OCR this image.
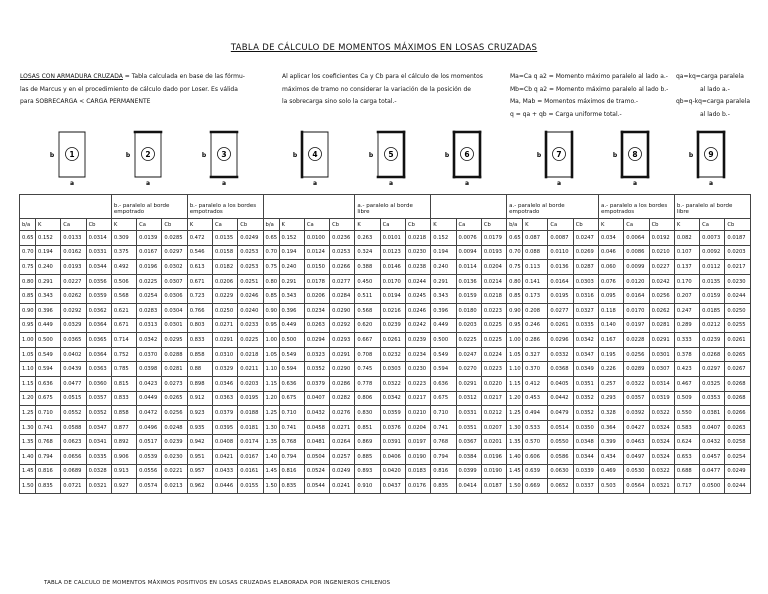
TABLA DE CÁLCULO DE MOMENTOS MÁXIMOS EN LOSAS CRUZADAS
LOSAS CON ARMADURA CRUZADA = Tabla calculada en base de las fórmu-
las de Marcus y en el procedimiento de cálculo dado por Loser. Es válida
para SOBRECARGA < CARGA PERMANENTE
Al aplicar los coeficientes Ca y Cb para el cálculo de los momentos
máximos de tramo no considerar la variación de la posición de
la sobrecarga sino solo la carga total.-
Ma=Ca q a2 = Momento máximo paralelo al lado a.-
Mb=Cb q a2 = Momento máximo paralelo al lado b.-
Ma, Mab = Momentos máximos de tramo.-
q = qa + qb = Carga uniforme total.-
qa=kq=carga paralela
al lado a.-
qb=q-kq=carga paralela
al lado b.-
1
b
a
2
b
a
3
b
a
4
b
a
5
b
a
6
b
a
7
b
a
8
b
a
9
b
a
				b.- paralelo al borde			b.- paralelo a los bordes							a.- paralelo al borde						a.- paralelo al borde				a.- paralelo a los bordes			b.- paralelo al borde		
				empotrado			empotrados							libre						empotrado				empotrados			libre		
b/a	K	Ca	Cb	K	Ca	Cb	K	Ca	Cb	b/a	K	Ca	Cb	K	Ca	Cb	K	Ca	Cb	b/a	K	Ca	Cb	K	Ca	Cb	K	Ca	Cb
0.65	0.152	0.0133	0.0314	0.309	0.0139	0.0285	0.472	0.0135	0.0249	0.65	0.152	0.0100	0.0236	0.263	0.0101	0.0218	0.152	0.0076	0.0179	0.65	0.087	0.0087	0.0247	0.034	0.0064	0.0192	0.082	0.0073	0.0187
0.70	0.194	0.0162	0.0331	0.375	0.0167	0.0297	0.546	0.0158	0.0253	0.70	0.194	0.0124	0.0253	0.324	0.0123	0.0230	0.194	0.0094	0.0193	0.70	0.088	0.0110	0.0269	0.046	0.0086	0.0210	0.107	0.0092	0.0203
0.75	0.240	0.0193	0.0344	0.492	0.0196	0.0302	0.613	0.0182	0.0253	0.75	0.240	0.0150	0.0266	0.388	0.0146	0.0238	0.240	0.0114	0.0204	0.75	0.113	0.0136	0.0287	0.060	0.0099	0.0227	0.137	0.0112	0.0217
0.80	0.291	0.0227	0.0356	0.506	0.0225	0.0307	0.671	0.0206	0.0251	0.80	0.291	0.0178	0.0277	0.450	0.0170	0.0244	0.291	0.0136	0.0214	0.80	0.141	0.0164	0.0303	0.076	0.0120	0.0242	0.170	0.0135	0.0230
0.85	0.343	0.0262	0.0359	0.568	0.0254	0.0306	0.723	0.0229	0.0246	0.85	0.343	0.0206	0.0284	0.511	0.0194	0.0245	0.343	0.0159	0.0218	0.85	0.173	0.0195	0.0316	0.095	0.0164	0.0256	0.207	0.0159	0.0244
0.90	0.396	0.0292	0.0362	0.621	0.0283	0.0304	0.766	0.0250	0.0240	0.90	0.396	0.0234	0.0290	0.568	0.0216	0.0246	0.396	0.0180	0.0223	0.90	0.208	0.0277	0.0327	0.118	0.0170	0.0262	0.247	0.0185	0.0250
0.95	0.449	0.0329	0.0364	0.671	0.0313	0.0301	0.803	0.0271	0.0233	0.95	0.449	0.0263	0.0292	0.620	0.0239	0.0242	0.449	0.0203	0.0225	0.95	0.246	0.0261	0.0335	0.140	0.0197	0.0281	0.289	0.0212	0.0255
1.00	0.500	0.0365	0.0365	0.714	0.0342	0.0295	0.833	0.0291	0.0225	1.00	0.500	0.0294	0.0293	0.667	0.0261	0.0239	0.500	0.0225	0.0225	1.00	0.286	0.0296	0.0342	0.167	0.0228	0.0291	0.333	0.0239	0.0261
1.05	0.549	0.0402	0.0364	0.752	0.0370	0.0288	0.858	0.0310	0.0218	1.05	0.549	0.0323	0.0291	0.708	0.0232	0.0234	0.549	0.0247	0.0224	1.05	0.327	0.0332	0.0347	0.195	0.0256	0.0301	0.378	0.0268	0.0265
1.10	0.594	0.0439	0.0363	0.785	0.0398	0.0281	0.88	0.0329	0.0211	1.10	0.594	0.0352	0.0290	0.745	0.0303	0.0230	0.594	0.0270	0.0223	1.10	0.370	0.0368	0.0349	0.226	0.0289	0.0307	0.423	0.0297	0.0267
1.15	0.636	0.0477	0.0360	0.815	0.0423	0.0273	0.898	0.0346	0.0203	1.15	0.636	0.0379	0.0286	0.778	0.0322	0.0223	0.636	0.0291	0.0220	1.15	0.412	0.0405	0.0351	0.257	0.0322	0.0314	0.467	0.0325	0.0268
1.20	0.675	0.0515	0.0357	0.833	0.0449	0.0265	0.912	0.0363	0.0195	1.20	0.675	0.0407	0.0282	0.806	0.0342	0.0217	0.675	0.0312	0.0217	1.20	0.453	0.0442	0.0352	0.293	0.0357	0.0319	0.509	0.0353	0.0268
1.25	0.710	0.0552	0.0352	0.858	0.0472	0.0256	0.923	0.0379	0.0188	1.25	0.710	0.0432	0.0276	0.830	0.0359	0.0210	0.710	0.0331	0.0212	1.25	0.494	0.0479	0.0352	0.328	0.0392	0.0322	0.550	0.0381	0.0266
1.30	0.741	0.0588	0.0347	0.877	0.0496	0.0248	0.935	0.0395	0.0181	1.30	0.741	0.0458	0.0271	0.851	0.0376	0.0204	0.741	0.0351	0.0207	1.30	0.533	0.0514	0.0350	0.364	0.0427	0.0324	0.583	0.0407	0.0263
1.35	0.768	0.0623	0.0341	0.892	0.0517	0.0239	0.942	0.0408	0.0174	1.35	0.768	0.0481	0.0264	0.869	0.0391	0.0197	0.768	0.0367	0.0201	1.35	0.570	0.0550	0.0348	0.399	0.0463	0.0324	0.624	0.0432	0.0258
1.40	0.794	0.0656	0.0335	0.906	0.0539	0.0230	0.951	0.0421	0.0167	1.40	0.794	0.0504	0.0257	0.885	0.0406	0.0190	0.794	0.0384	0.0196	1.40	0.606	0.0586	0.0344	0.434	0.0497	0.0324	0.653	0.0457	0.0254
1.45	0.816	0.0689	0.0328	0.913	0.0556	0.0221	0.957	0.0433	0.0161	1.45	0.816	0.0524	0.0249	0.893	0.0420	0.0183	0.816	0.0399	0.0190	1.45	0.639	0.0630	0.0339	0.469	0.0530	0.0322	0.688	0.0477	0.0249
1.50	0.835	0.0721	0.0321	0.927	0.0574	0.0213	0.962	0.0446	0.0155	1.50	0.835	0.0544	0.0241	0.910	0.0437	0.0176	0.835	0.0414	0.0187	1.50	0.669	0.0652	0.0337	0.503	0.0564	0.0321	0.717	0.0500	0.0244
TABLA DE CALCULO DE MOMENTOS MÁXIMOS POSITIVOS EN LOSAS CRUZADAS ELABORADA POR INGENIEROS CHILENOS
